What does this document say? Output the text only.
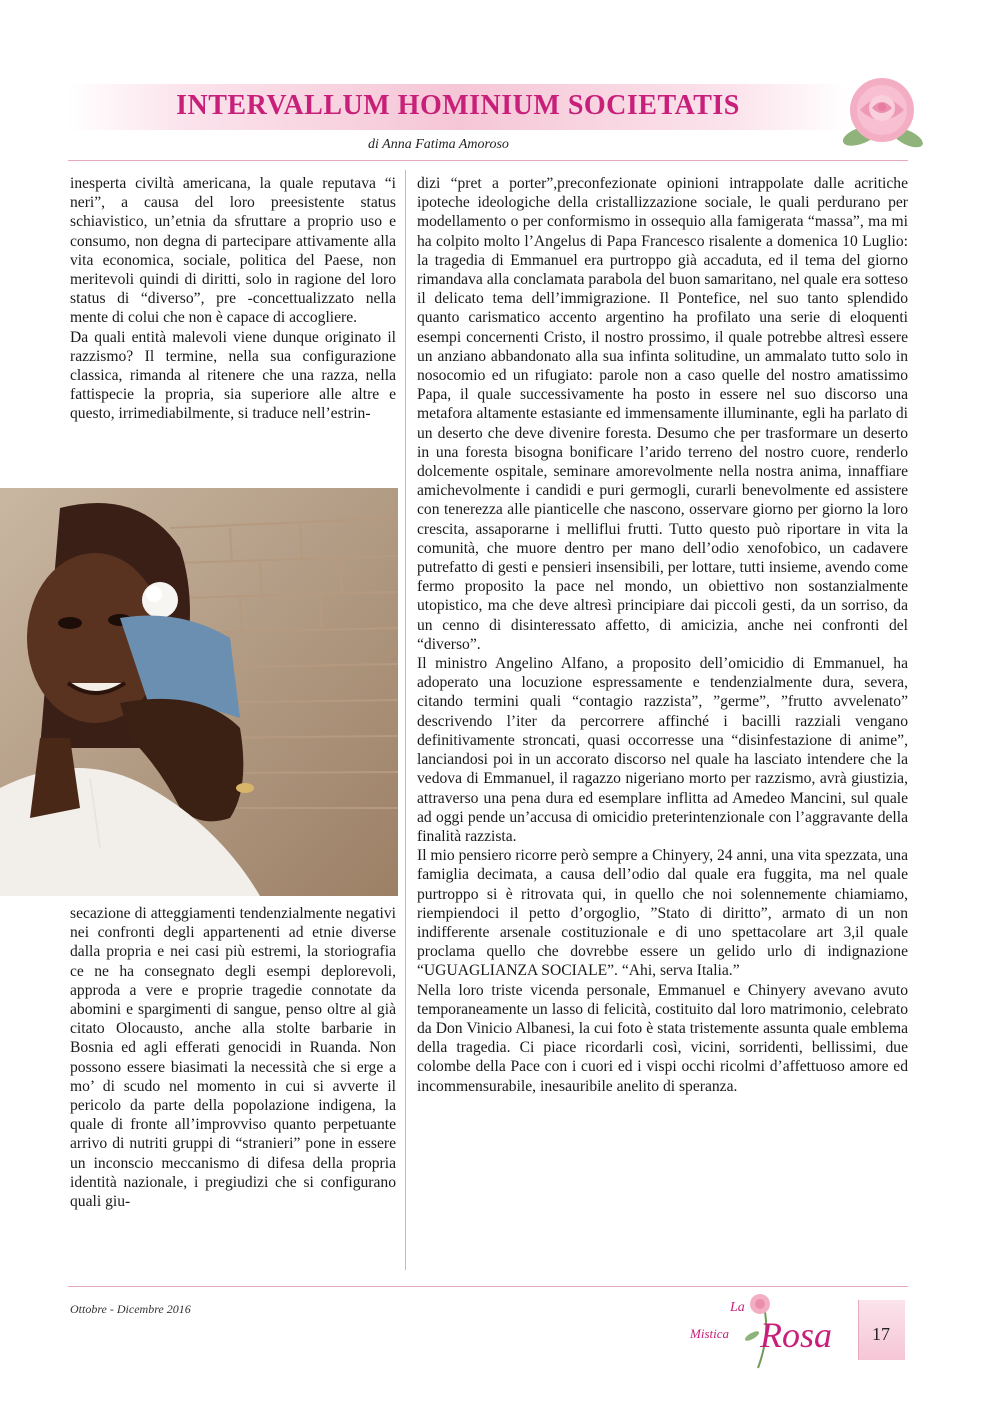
INTERVALLUM HOMINIUM SOCIETATIS
di Anna Fatima Amoroso

inesperta civiltà americana, la quale reputava “i neri”, a causa del loro preesistente status schiavistico, un’etnia da sfruttare a proprio uso e consumo, non degna di partecipare attivamente alla vita economica, sociale, politica del Paese, non meritevoli quindi di diritti, solo in ragione del loro status di “diverso”, pre -concettualizzato nella mente di colui che non è capace di accogliere.

Da quali entità malevoli viene dunque originato il razzismo? Il termine, nella sua configurazione classica, rimanda al ritenere che una razza, nella fattispecie la propria, sia superiore alle altre e questo, irrimediabilmente, si traduce nell’estrin-

secazione di atteggiamenti tendenzialmente negativi nei confronti degli appartenenti ad etnie diverse dalla propria e nei casi più estremi, la storiografia ce ne ha consegnato degli esempi deplorevoli, approda a vere e proprie tragedie connotate da abomini e spargimenti di sangue, penso oltre al già citato Olocausto, anche alla stolte barbarie in Bosnia ed agli efferati genocidi in Ruanda. Non possono essere biasimati la necessità che si erge a mo’ di scudo nel momento in cui si avverte il pericolo da parte della popolazione indigena, la quale di fronte all’improvviso quanto perpetuante arrivo di nutriti gruppi di “stranieri” pone in essere un inconscio meccanismo di difesa della propria identità nazionale, i pregiudizi che si configurano quali giu-

dizi “pret a porter”,preconfezionate opinioni intrappolate dalle acritiche ipoteche ideologiche della cristallizzazione sociale, le quali perdurano per modellamento o per conformismo in ossequio alla famigerata “massa”, ma mi ha colpito molto l’Angelus di Papa Francesco risalente a domenica 10 Luglio: la tragedia di Emmanuel era purtroppo già accaduta, ed il tema del giorno rimandava alla conclamata parabola del buon samaritano, nel quale era sotteso il delicato tema dell’immigrazione. Il Pontefice, nel suo tanto splendido quanto carismatico accento argentino ha profilato una serie di eloquenti esempi concernenti Cristo, il nostro prossimo, il quale potrebbe altresì essere un anziano abbandonato alla sua infinta solitudine, un ammalato tutto solo in nosocomio ed un rifugiato: parole non a caso quelle del nostro amatissimo Papa, il quale successivamente ha posto in essere nel suo discorso una metafora altamente estasiante ed immensamente illuminante, egli ha parlato di un deserto che deve divenire foresta. Desumo che per trasformare un deserto in una foresta bisogna bonificare l’arido terreno del nostro cuore, renderlo dolcemente ospitale, seminare amorevolmente nella nostra anima, innaffiare amichevolmente i candidi e puri germogli, curarli benevolmente ed assistere con tenerezza alle pianticelle che nascono, osservare giorno per giorno la loro crescita, assaporarne i melliflui frutti. Tutto questo può riportare in vita la comunità, che muore dentro per mano dell’odio xenofobico, un cadavere putrefatto di gesti e pensieri insensibili, per lottare, tutti insieme, avendo come fermo proposito la pace nel mondo, un obiettivo non sostanzialmente utopistico, ma che deve altresì principiare dai piccoli gesti, da un sorriso, da un cenno di disinteressato affetto, di amicizia, anche nei confronti del “diverso”.

Il ministro Angelino Alfano, a proposito dell’omicidio di Emmanuel, ha adoperato una locuzione espressamente e tendenzialmente dura, severa, citando termini quali “contagio razzista”, ”germe”, ”frutto avvelenato” descrivendo l’iter da percorrere affinché i bacilli razziali vengano definitivamente stroncati, quasi occorresse una “disinfestazione di anime”, lanciandosi poi in un accorato discorso nel quale ha lasciato intendere che la vedova di Emmanuel, il ragazzo nigeriano morto per razzismo, avrà giustizia, attraverso una pena dura ed esemplare inflitta ad Amedeo Mancini, sul quale ad oggi pende un’accusa di omicidio preterintenzionale con l’aggravante della finalità razzista.

Il mio pensiero ricorre però sempre a Chinyery, 24 anni, una vita spezzata, una famiglia decimata, a causa dell’odio dal quale era fuggita, ma nel quale purtroppo si è ritrovata qui, in quello che noi solennemente chiamiamo, riempiendoci il petto d’orgoglio, ”Stato di diritto”, armato di un non indifferente arsenale costituzionale e di uno spettacolare art 3,il quale proclama quello che dovrebbe essere un gelido urlo di indignazione “UGUAGLIANZA SOCIALE”. “Ahi, serva Italia.”

Nella loro triste vicenda personale, Emmanuel e Chinyery avevano avuto temporaneamente un lasso di felicità, costituito dal loro matrimonio, celebrato da Don Vinicio Albanesi, la cui foto è stata tristemente assunta quale emblema della tragedia. Ci piace ricordarli così, vicini, sorridenti, bellissimi, due colombe della Pace con i cuori ed i vispi occhi ricolmi d’affettuoso amore ed incommensurabile, inesauribile anelito di speranza.

Ottobre - Dicembre 2016	La
Mistica Rosa	17
